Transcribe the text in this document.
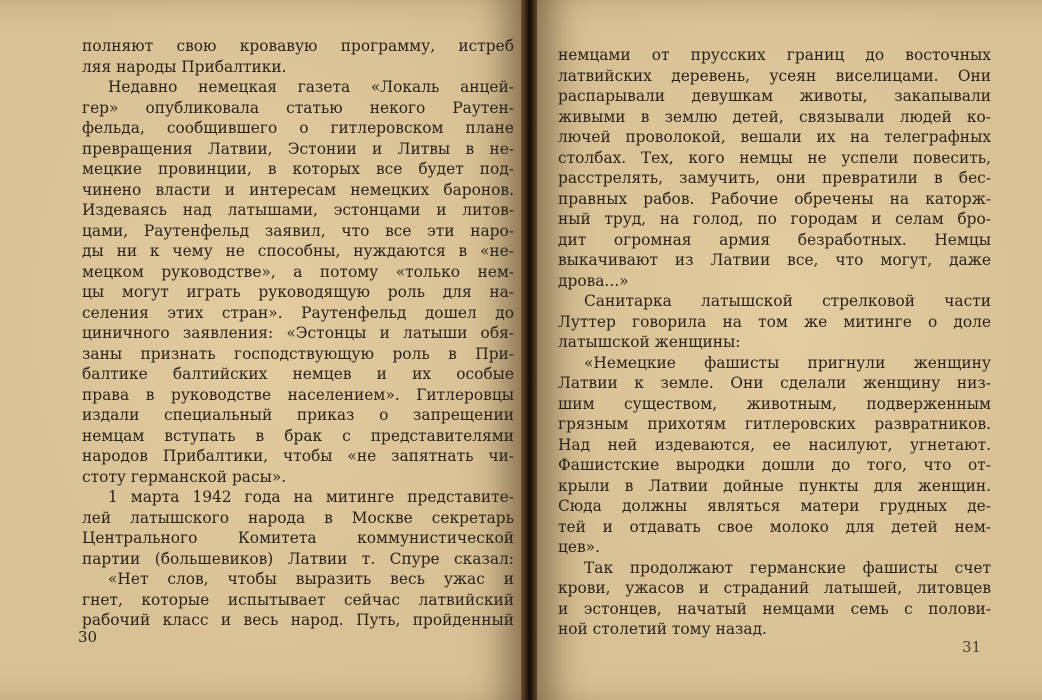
полняют свою кровавую программу, истреб
ляя народы Прибалтики.
Недавно немецкая газета «Локаль анцей-
гер» опубликовала статью некого Раутен-
фельда, сообщившего о гитлеровском плане
превращения Латвии, Эстонии и Литвы в не-
мецкие провинции, в которых все будет под-
чинено власти и интересам немецких баронов.
Издеваясь над латышами, эстонцами и литов-
цами, Раутенфельд заявил, что все эти наро-
ды ни к чему не способны, нуждаются в «не-
мецком руководстве», а потому «только нем-
цы могут играть руководящую роль для на-
селения этих стран». Раутенфельд дошел до
циничного заявления: «Эстонцы и латыши обя-
заны признать господствующую роль в При-
балтике балтийских немцев и их особые
права в руководстве населением». Гитлеровцы
издали специальный приказ о запрещении
немцам вступать в брак с представителями
народов Прибалтики, чтобы «не запятнать чи-
стоту германской расы».
1 марта 1942 года на митинге представите-
лей латышского народа в Москве секретарь
Центрального Комитета коммунистической
партии (большевиков) Латвии т. Спуре сказал:
«Нет слов, чтобы выразить весь ужас и
гнет, которые испытывает сейчас латвийский
рабочий класс и весь народ. Путь, пройденный
30
немцами от прусских границ до восточных
латвийских деревень, усеян виселицами. Они
распарывали девушкам животы, закапывали
живыми в землю детей, связывали людей ко-
лючей проволокой, вешали их на телеграфных
столбах. Тех, кого немцы не успели повесить,
расстрелять, замучить, они превратили в бес-
правных рабов. Рабочие обречены на каторж-
ный труд, на голод, по городам и селам бро-
дит огромная армия безработных. Немцы
выкачивают из Латвии все, что могут, даже
дрова...»
Санитарка латышской стрелковой части
Луттер говорила на том же митинге о доле
латышской женщины:
«Немецкие фашисты пригнули женщину
Латвии к земле. Они сделали женщину низ-
шим существом, животным, подверженным
грязным прихотям гитлеровских развратников.
Над ней издеваются, ее насилуют, угнетают.
Фашистские выродки дошли до того, что от-
крыли в Латвии дойные пункты для женщин.
Сюда должны являться матери грудных де-
тей и отдавать свое молоко для детей нем-
цев».
Так продолжают германские фашисты счет
крови, ужасов и страданий латышей, литовцев
и эстонцев, начатый немцами семь с полови-
ной столетий тому назад.
31
